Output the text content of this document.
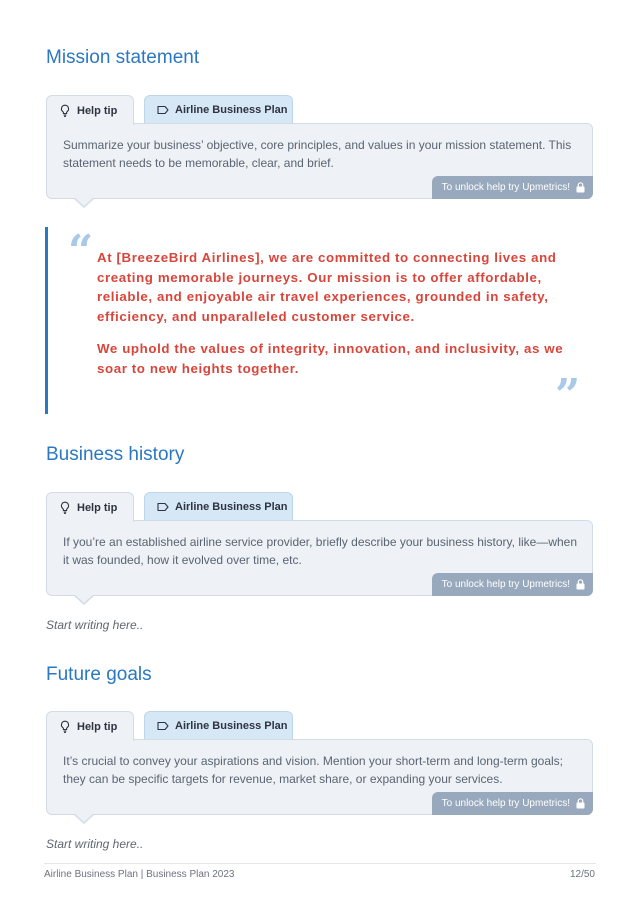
Mission statement
Help tip	Airline Business Plan

Summarize your business’ objective, core principles, and values in your mission statement. This statement needs to be memorable, clear, and brief.

To unlock help try Upmetrics!
“ At [BreezeBird Airlines], we are committed to connecting lives and creating memorable journeys. Our mission is to offer affordable, reliable, and enjoyable air travel experiences, grounded in safety, efficiency, and unparalleled customer service.

We uphold the values of integrity, innovation, and inclusivity, as we soar to new heights together.

”
Business history
Help tip	Airline Business Plan

If you’re an established airline service provider, briefly describe your business history, like—when it was founded, how it evolved over time, etc.

To unlock help try Upmetrics!

Start writing here..

Future goals
Help tip	Airline Business Plan

It’s crucial to convey your aspirations and vision. Mention your short-term and long-term goals; they can be specific targets for revenue, market share, or expanding your services.

To unlock help try Upmetrics!

Start writing here..

Airline Business Plan | Business Plan 2023	12/50
